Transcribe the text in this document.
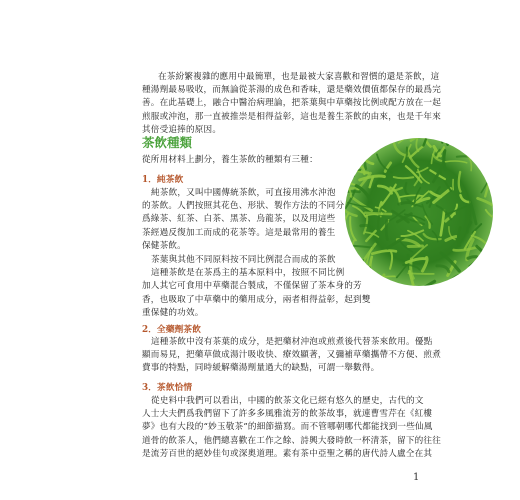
在茶紛繁複雜的應用中最簡單，也是最被大家喜歡和習慣的還是茶飲，這
種湯劑最易吸收，而無論從茶湯的成色和香味，還是藥效價值都保存的最爲完
善。在此基礎上，融合中醫治病理論，把茶葉與中草藥按比例或配方放在一起
煎服或沖泡，那一直被推崇是相得益彰，這也是養生茶飲的由來，也是千年來
其倍受追捧的原因。
茶飲種類

從所用材料上劃分，養生茶飲的種類有三種：

1．純茶飲
純茶飲，又叫中國傳統茶飲，可直接用沸水沖泡
的茶飲。人們按照其花色、形狀、製作方法的不同分
爲綠茶、紅茶、白茶、黑茶、烏龍茶，以及用這些
茶經過反復加工而成的花茶等。這是最常用的養生
保健茶飲。
茶葉與其他不同原料按不同比例混合而成的茶飲
這種茶飲是在茶爲主的基本原料中，按照不同比例
加人其它可食用中草藥混合製成，不僅保留了茶本身的芳
香，也吸取了中草藥中的藥用成分，兩者相得益彰，起到雙
重保健的功效。
2．全藥劑茶飲
這種茶飲中沒有茶葉的成分，是把藥材沖泡或煎煮後代替茶來飲用。優點
顯而易見，把藥草做成湯汁吸收快、療效顯著，又彌補草藥攜帶不方便、煎煮
費事的特點，同時緩解藥湯劑量過大的缺點，可謂一舉數得。
3．茶飲恰情
從史料中我們可以看出，中國的飲茶文化已經有悠久的歷史，古代的文
人士大夫們爲我們留下了許多多風雅流芳的飲茶故事，就連曹雪芹在《紅樓
夢》也有大段的“妙玉敬茶”的細節描寫。而不管哪朝哪代都能找到一些仙風
道骨的飲茶人，他們總喜歡在工作之餘、詩興大發時飲一杯清茶，留下的往往
是流芳百世的絕妙佳句或深奧道理。素有茶中亞聖之稱的唐代詩人盧仝在其
1
